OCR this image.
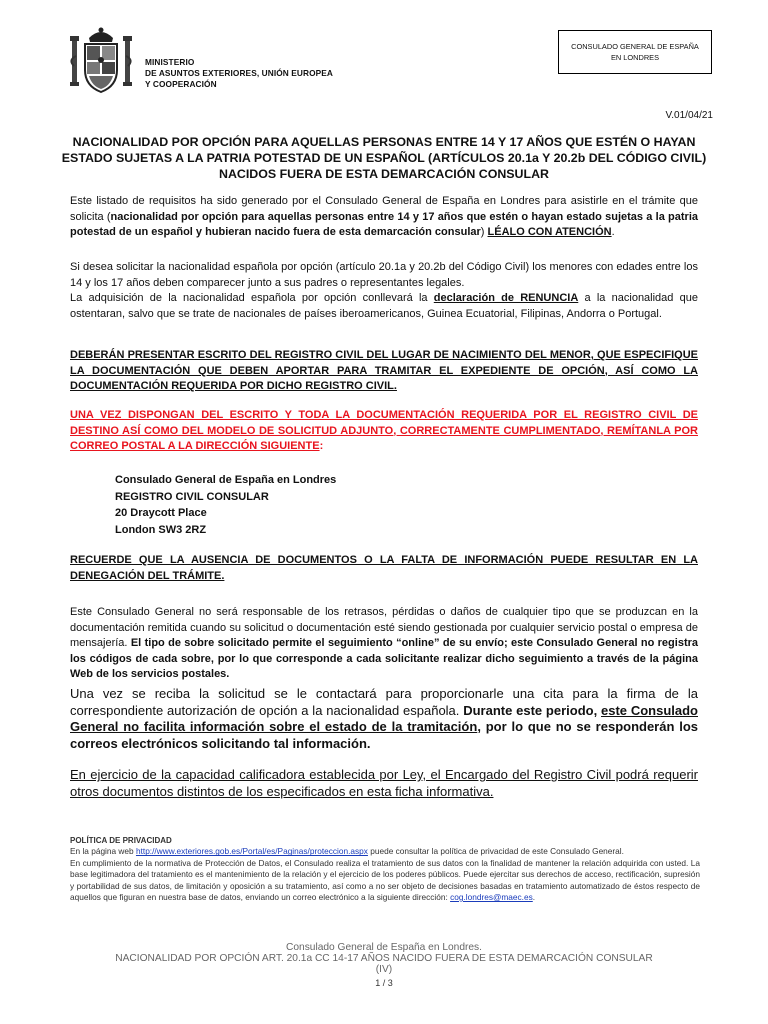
MINISTERIO
DE ASUNTOS EXTERIORES, UNIÓN EUROPEA
Y COOPERACIÓN
CONSULADO GENERAL DE ESPAÑA
EN LONDRES
V.01/04/21
NACIONALIDAD POR OPCIÓN PARA AQUELLAS PERSONAS ENTRE 14 Y 17 AÑOS QUE ESTÉN O HAYAN
ESTADO SUJETAS A LA PATRIA POTESTAD DE UN ESPAÑOL (ARTÍCULOS 20.1a Y 20.2b DEL CÓDIGO CIVIL)
NACIDOS FUERA DE ESTA DEMARCACIÓN CONSULAR
Este listado de requisitos ha sido generado por el Consulado General de España en Londres para asistirle en el trámite que solicita (nacionalidad por opción para aquellas personas entre 14 y 17 años que estén o hayan estado sujetas a la patria potestad de un español y hubieran nacido fuera de esta demarcación consular) LÉALO CON ATENCIÓN.
Si desea solicitar la nacionalidad española por opción (artículo 20.1a y 20.2b del Código Civil) los menores con edades entre los 14 y los 17 años deben comparecer junto a sus padres o representantes legales.
La adquisición de la nacionalidad española por opción conllevará la declaración de RENUNCIA a la nacionalidad que ostentaran, salvo que se trate de nacionales de países iberoamericanos, Guinea Ecuatorial, Filipinas, Andorra o Portugal.
DEBERÁN PRESENTAR ESCRITO DEL REGISTRO CIVIL DEL LUGAR DE NACIMIENTO DEL MENOR, QUE ESPECIFIQUE LA DOCUMENTACIÓN QUE DEBEN APORTAR PARA TRAMITAR EL EXPEDIENTE DE OPCIÓN, ASÍ COMO LA DOCUMENTACIÓN REQUERIDA POR DICHO REGISTRO CIVIL.
UNA VEZ DISPONGAN DEL ESCRITO Y TODA LA DOCUMENTACIÓN REQUERIDA POR EL REGISTRO CIVIL DE DESTINO ASÍ COMO DEL MODELO DE SOLICITUD ADJUNTO, CORRECTAMENTE CUMPLIMENTADO, REMÍTANLA POR CORREO POSTAL A LA DIRECCIÓN SIGUIENTE:
Consulado General de España en Londres
REGISTRO CIVIL CONSULAR
20 Draycott Place
London SW3 2RZ
RECUERDE QUE LA AUSENCIA DE DOCUMENTOS O LA FALTA DE INFORMACIÓN PUEDE RESULTAR EN LA DENEGACIÓN DEL TRÁMITE.
Este Consulado General no será responsable de los retrasos, pérdidas o daños de cualquier tipo que se produzcan en la documentación remitida cuando su solicitud o documentación esté siendo gestionada por cualquier servicio postal o empresa de mensajería. El tipo de sobre solicitado permite el seguimiento “online” de su envío; este Consulado General no registra los códigos de cada sobre, por lo que corresponde a cada solicitante realizar dicho seguimiento a través de la página Web de los servicios postales.
Una vez se reciba la solicitud se le contactará para proporcionarle una cita para la firma de la correspondiente autorización de opción a la nacionalidad española. Durante este periodo, este Consulado General no facilita información sobre el estado de la tramitación, por lo que no se responderán los correos electrónicos solicitando tal información.
En ejercicio de la capacidad calificadora establecida por Ley, el Encargado del Registro Civil podrá requerir otros documentos distintos de los especificados en esta ficha informativa.
POLÍTICA DE PRIVACIDAD
En la página web http://www.exteriores.gob.es/Portal/es/Paginas/proteccion.aspx puede consultar la política de privacidad de este Consulado General.
En cumplimiento de la normativa de Protección de Datos, el Consulado realiza el tratamiento de sus datos con la finalidad de mantener la relación adquirida con usted. La base legitimadora del tratamiento es el mantenimiento de la relación y el ejercicio de los poderes públicos. Puede ejercitar sus derechos de acceso, rectificación, supresión y portabilidad de sus datos, de limitación y oposición a su tratamiento, así como a no ser objeto de decisiones basadas en tratamiento automatizado de éstos respecto de aquellos que figuran en nuestra base de datos, enviando un correo electrónico a la siguiente dirección: cog.londres@maec.es.
Consulado General de España en Londres.
NACIONALIDAD POR OPCIÓN ART. 20.1a CC 14-17 AÑOS NACIDO FUERA DE ESTA DEMARCACIÓN CONSULAR
(IV)
1 / 3
